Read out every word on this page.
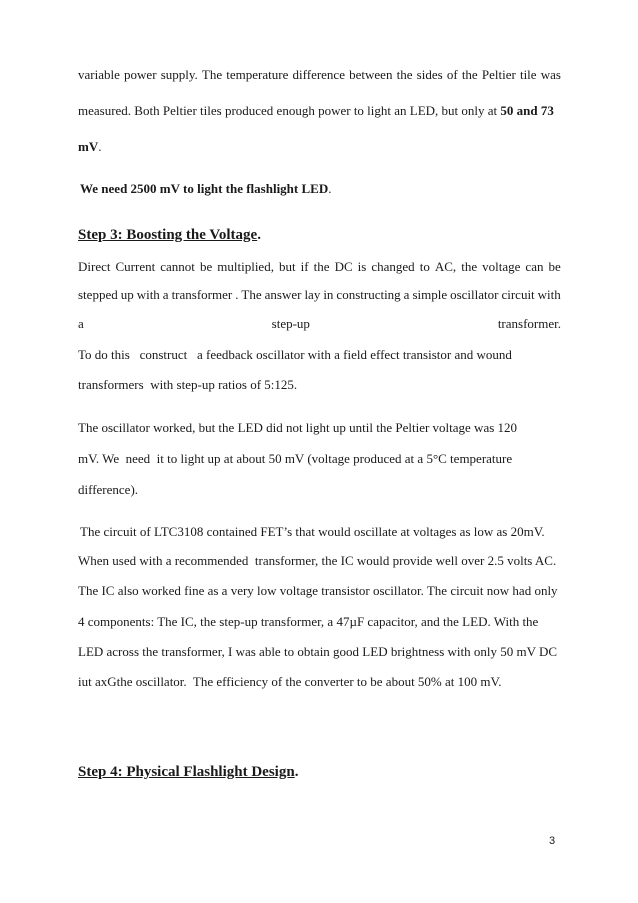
variable power supply. The temperature difference between the sides of the Peltier tile was
measured. Both Peltier tiles produced enough power to light an LED, but only at 50 and 73
mV.
We need 2500 mV to light the flashlight LED.
Step 3: Boosting the Voltage.
Direct Current cannot be multiplied, but if the DC is changed to AC, the voltage can be
stepped up with a transformer . The answer lay in constructing a simple oscillator circuit with
a	step-up	transformer.
To do this   construct   a feedback oscillator with a field effect transistor and wound
transformers  with step-up ratios of 5:125.
The oscillator worked, but the LED did not light up until the Peltier voltage was 120
mV. We  need  it to light up at about 50 mV (voltage produced at a 5°C temperature
difference).
The circuit of LTC3108 contained FET’s that would oscillate at voltages as low as 20mV.
When used with a recommended  transformer, the IC would provide well over 2.5 volts AC.
The IC also worked fine as a very low voltage transistor oscillator. The circuit now had only
4 components: The IC, the step-up transformer, a 47µF capacitor, and the LED. With the
LED across the transformer, I was able to obtain good LED brightness with only 50 mV DC
iut axGthe oscillator.  The efficiency of the converter to be about 50% at 100 mV.
Step 4: Physical Flashlight Design.
3
